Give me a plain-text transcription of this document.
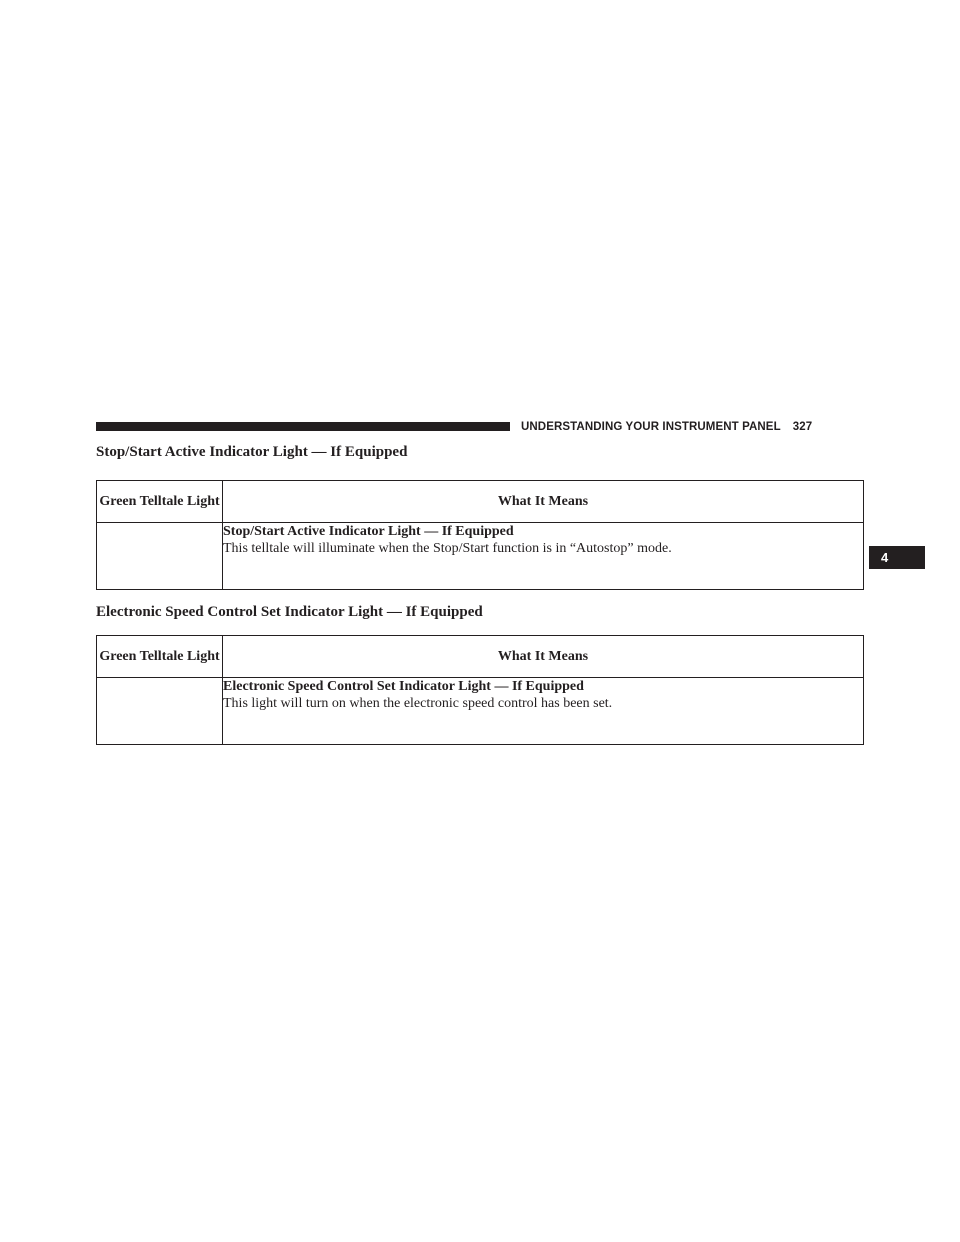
UNDERSTANDING YOUR INSTRUMENT PANEL 327
4
Stop/Start Active Indicator Light — If Equipped
Green Telltale Light	What It Means

	Stop/Start Active Indicator Light — If Equipped
This telltale will illuminate when the Stop/Start function is in “Autostop” mode.
Electronic Speed Control Set Indicator Light — If Equipped
Green Telltale Light	What It Means

	Electronic Speed Control Set Indicator Light — If Equipped
This light will turn on when the electronic speed control has been set.
